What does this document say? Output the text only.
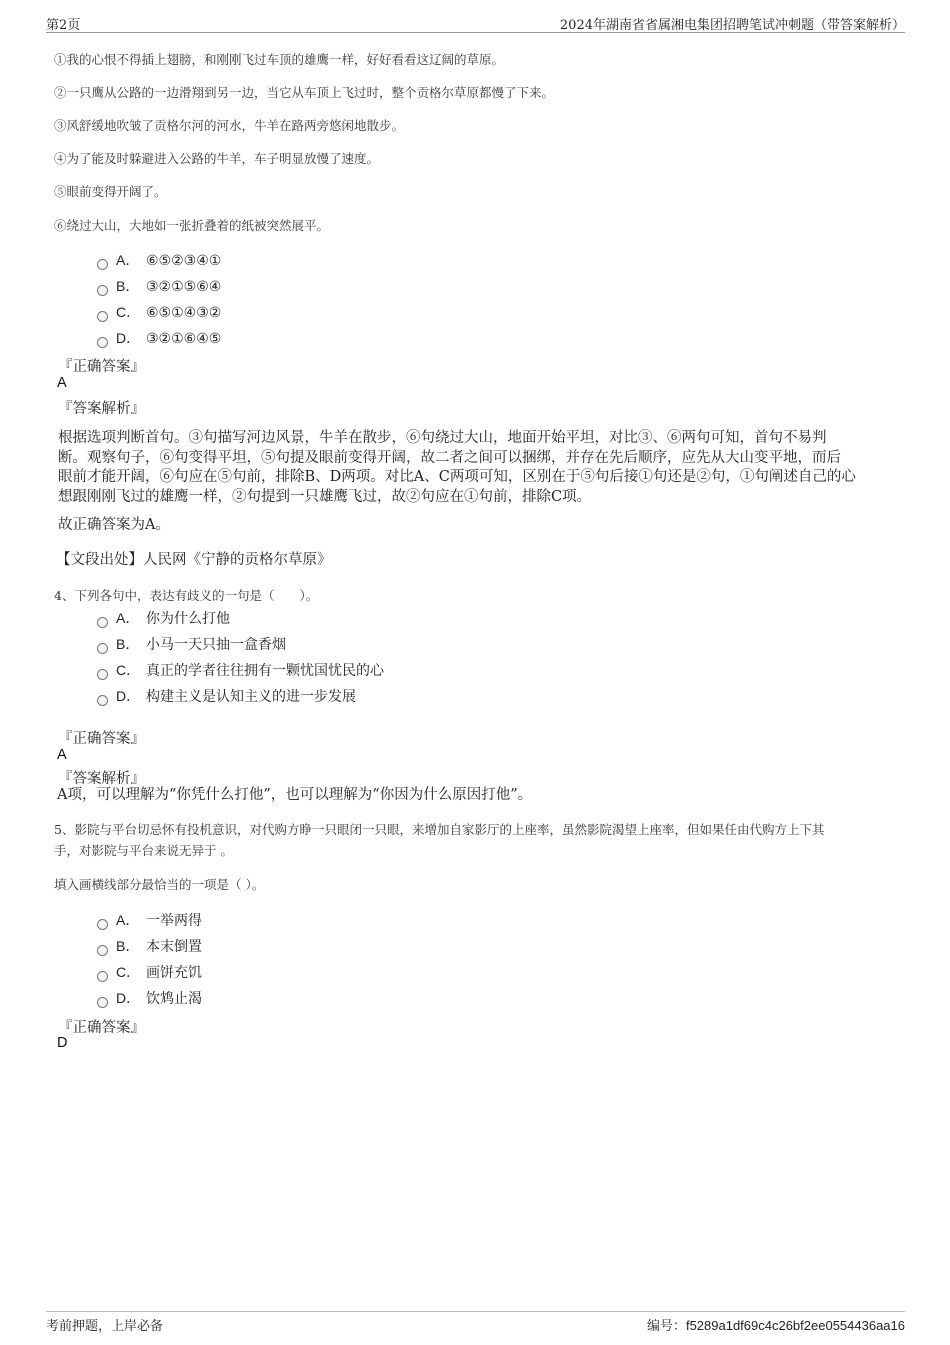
第2页	2024年湖南省省属湘电集团招聘笔试冲刺题（带答案解析）
①我的心恨不得插上翅膀，和刚刚飞过车顶的雄鹰一样，好好看看这辽阔的草原。
②一只鹰从公路的一边滑翔到另一边，当它从车顶上飞过时，整个贡格尔草原都慢了下来。
③风舒缓地吹皱了贡格尔河的河水，牛羊在路两旁悠闲地散步。
④为了能及时躲避进入公路的牛羊，车子明显放慢了速度。
⑤眼前变得开阔了。
⑥绕过大山，大地如一张折叠着的纸被突然展平。
A． ⑥⑤②③④①
B． ③②①⑤⑥④
C． ⑥⑤①④③②
D． ③②①⑥④⑤
『正确答案』
A
『答案解析』
根据选项判断首句。③句描写河边风景，牛羊在散步，⑥句绕过大山，地面开始平坦，对比③、⑥两句可知，首句不易判
断。观察句子，⑥句变得平坦，⑤句提及眼前变得开阔，故二者之间可以捆绑，并存在先后顺序，应先从大山变平地，而后
眼前才能开阔，⑥句应在⑤句前，排除B、D两项。对比A、C两项可知，区别在于⑤句后接①句还是②句，①句阐述自己的心
想跟刚刚飞过的雄鹰一样，②句提到一只雄鹰飞过，故②句应在①句前，排除C项。
故正确答案为A。
【文段出处】人民网《宁静的贡格尔草原》
4、下列各句中，表达有歧义的一句是（　　）。
A． 你为什么打他
B． 小马一天只抽一盒香烟
C． 真正的学者往往拥有一颗忧国忧民的心
D． 构建主义是认知主义的进一步发展
『正确答案』
A
『答案解析』
A项，可以理解为“你凭什么打他”，也可以理解为“你因为什么原因打他”。
5、影院与平台切忌怀有投机意识，对代购方睁一只眼闭一只眼，来增加自家影厅的上座率，虽然影院渴望上座率，但如果任由代购方上下其
手，对影院与平台来说无异于 。
填入画横线部分最恰当的一项是（ ）。
A． 一举两得
B． 本末倒置
C． 画饼充饥
D． 饮鸩止渴
『正确答案』
D
考前押题，上岸必备	编号：f5289a1df69c4c26bf2ee0554436aa16
